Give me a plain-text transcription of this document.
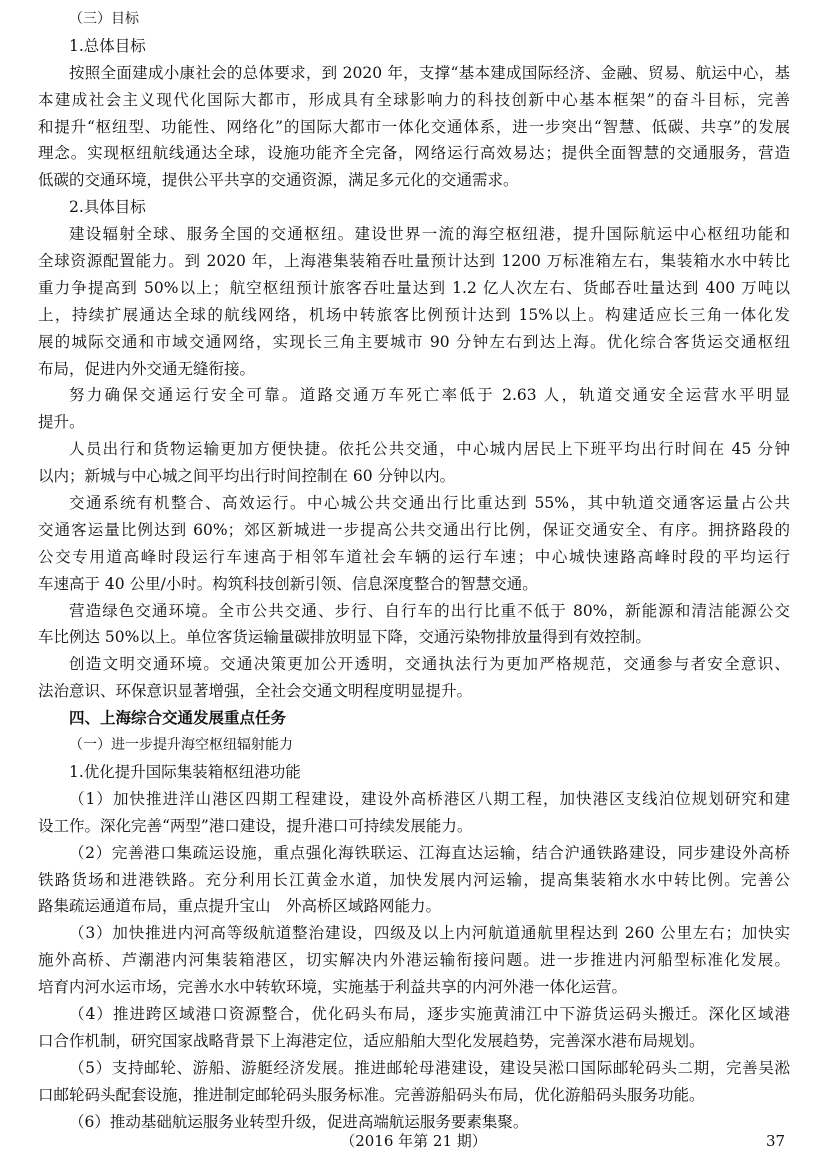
（三）目标
1.总体目标
按照全面建成小康社会的总体要求，到 2020 年，支撑“基本建成国际经济、金融、贸易、航运中心，基
本建成社会主义现代化国际大都市，形成具有全球影响力的科技创新中心基本框架”的奋斗目标，完善
和提升“枢纽型、功能性、网络化”的国际大都市一体化交通体系，进一步突出“智慧、低碳、共享”的发展
理念。实现枢纽航线通达全球，设施功能齐全完备，网络运行高效易达；提供全面智慧的交通服务，营造
低碳的交通环境，提供公平共享的交通资源，满足多元化的交通需求。
2.具体目标
建设辐射全球、服务全国的交通枢纽。建设世界一流的海空枢纽港，提升国际航运中心枢纽功能和
全球资源配置能力。到 2020 年，上海港集装箱吞吐量预计达到 1200 万标准箱左右，集装箱水水中转比
重力争提高到 50%以上；航空枢纽预计旅客吞吐量达到 1.2 亿人次左右、货邮吞吐量达到 400 万吨以
上，持续扩展通达全球的航线网络，机场中转旅客比例预计达到 15%以上。构建适应长三角一体化发
展的城际交通和市域交通网络，实现长三角主要城市 90 分钟左右到达上海。优化综合客货运交通枢纽
布局，促进内外交通无缝衔接。
努力确保交通运行安全可靠。道路交通万车死亡率低于 2.63 人，轨道交通安全运营水平明显
提升。
人员出行和货物运输更加方便快捷。依托公共交通，中心城内居民上下班平均出行时间在 45 分钟
以内；新城与中心城之间平均出行时间控制在 60 分钟以内。
交通系统有机整合、高效运行。中心城公共交通出行比重达到 55%，其中轨道交通客运量占公共
交通客运量比例达到 60%；郊区新城进一步提高公共交通出行比例，保证交通安全、有序。拥挤路段的
公交专用道高峰时段运行车速高于相邻车道社会车辆的运行车速；中心城快速路高峰时段的平均运行
车速高于 40 公里/小时。构筑科技创新引领、信息深度整合的智慧交通。
营造绿色交通环境。全市公共交通、步行、自行车的出行比重不低于 80%，新能源和清洁能源公交
车比例达 50%以上。单位客货运输量碳排放明显下降，交通污染物排放量得到有效控制。
创造文明交通环境。交通决策更加公开透明，交通执法行为更加严格规范，交通参与者安全意识、
法治意识、环保意识显著增强，全社会交通文明程度明显提升。
四、上海综合交通发展重点任务
（一）进一步提升海空枢纽辐射能力
1.优化提升国际集装箱枢纽港功能
（1）加快推进洋山港区四期工程建设，建设外高桥港区八期工程，加快港区支线泊位规划研究和建
设工作。深化完善“两型”港口建设，提升港口可持续发展能力。
（2）完善港口集疏运设施，重点强化海铁联运、江海直达运输，结合沪通铁路建设，同步建设外高桥
铁路货场和进港铁路。充分利用长江黄金水道，加快发展内河运输，提高集装箱水水中转比例。完善公
路集疏运通道布局，重点提升宝山　外高桥区域路网能力。
（3）加快推进内河高等级航道整治建设，四级及以上内河航道通航里程达到 260 公里左右；加快实
施外高桥、芦潮港内河集装箱港区，切实解决内外港运输衔接问题。进一步推进内河船型标准化发展。
培育内河水运市场，完善水水中转软环境，实施基于利益共享的内河外港一体化运营。
（4）推进跨区域港口资源整合，优化码头布局，逐步实施黄浦江中下游货运码头搬迁。深化区域港
口合作机制，研究国家战略背景下上海港定位，适应船舶大型化发展趋势，完善深水港布局规划。
（5）支持邮轮、游船、游艇经济发展。推进邮轮母港建设，建设吴淞口国际邮轮码头二期，完善吴淞
口邮轮码头配套设施，推进制定邮轮码头服务标准。完善游船码头布局，优化游船码头服务功能。
（6）推动基础航运服务业转型升级，促进高端航运服务要素集聚。
（2016 年第 21 期）	37
